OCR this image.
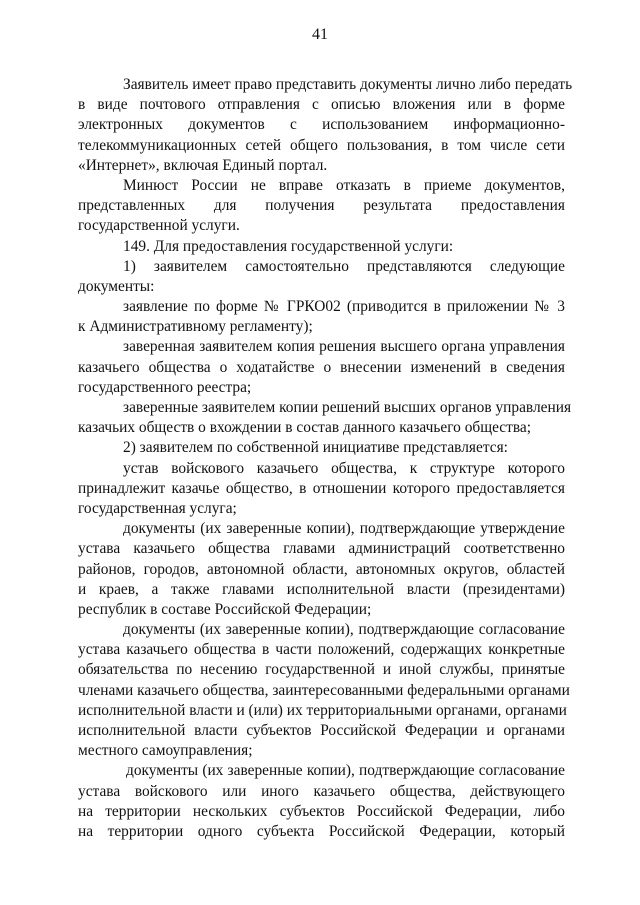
41
Заявитель имеет право представить документы лично либо передать
в виде почтового отправления с описью вложения или в форме
электронных документов с использованием информационно-
телекоммуникационных сетей общего пользования, в том числе сети
«Интернет», включая Единый портал.
Минюст России не вправе отказать в приеме документов,
представленных для получения результата предоставления
государственной услуги.
149. Для предоставления государственной услуги:
1) заявителем самостоятельно представляются следующие
документы:
заявление по форме № ГРКО02 (приводится в приложении № 3
к Административному регламенту);
заверенная заявителем копия решения высшего органа управления
казачьего общества о ходатайстве о внесении изменений в сведения
государственного реестра;
заверенные заявителем копии решений высших органов управления
казачьих обществ о вхождении в состав данного казачьего общества;
2) заявителем по собственной инициативе представляется:
устав войскового казачьего общества, к структуре которого
принадлежит казачье общество, в отношении которого предоставляется
государственная услуга;
документы (их заверенные копии), подтверждающие утверждение
устава казачьего общества главами администраций соответственно
районов, городов, автономной области, автономных округов, областей
и краев, а также главами исполнительной власти (президентами)
республик в составе Российской Федерации;
документы (их заверенные копии), подтверждающие согласование
устава казачьего общества в части положений, содержащих конкретные
обязательства по несению государственной и иной службы, принятые
членами казачьего общества, заинтересованными федеральными органами
исполнительной власти и (или) их территориальными органами, органами
исполнительной власти субъектов Российской Федерации и органами
местного самоуправления;
документы (их заверенные копии), подтверждающие согласование
устава войскового или иного казачьего общества, действующего
на территории нескольких субъектов Российской Федерации, либо
на территории одного субъекта Российской Федерации, который
